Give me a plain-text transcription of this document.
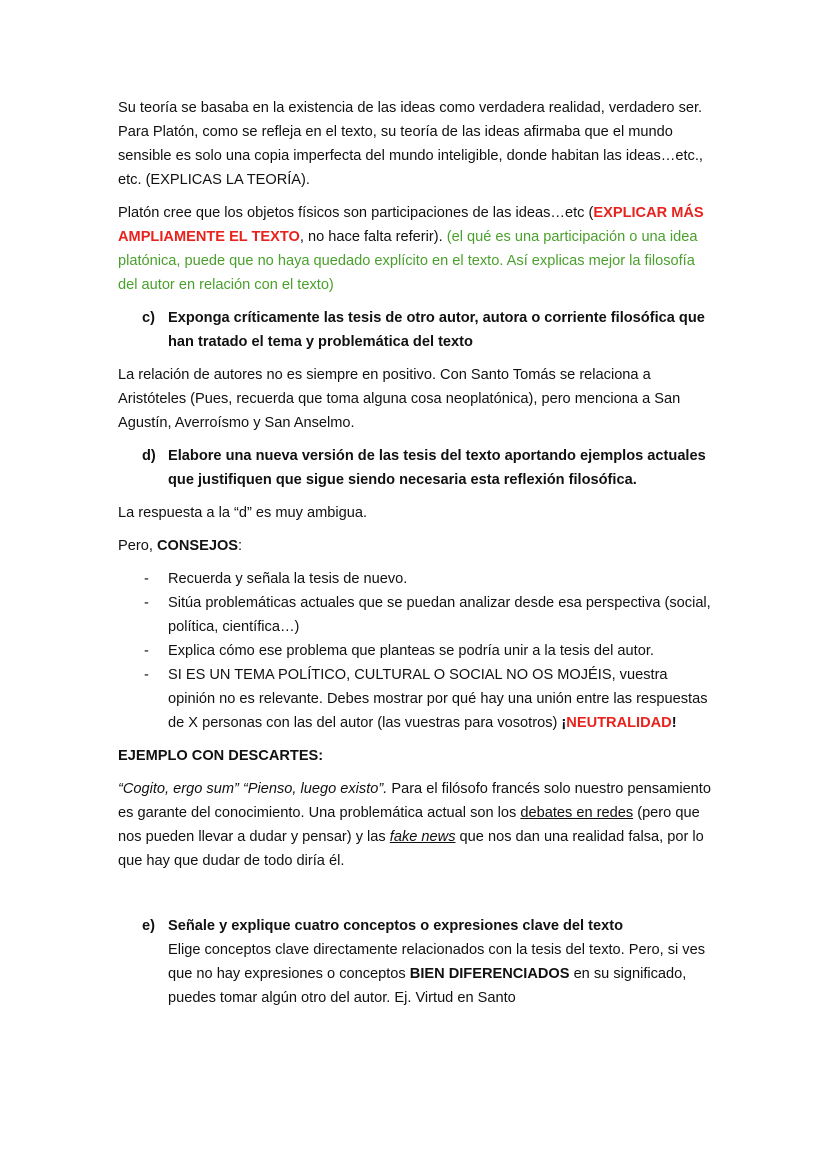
Su teoría se basaba en la existencia de las ideas como verdadera realidad, verdadero ser. Para Platón, como se refleja en el texto, su teoría de las ideas afirmaba que el mundo sensible es solo una copia imperfecta del mundo inteligible, donde habitan las ideas…etc., etc. (EXPLICAS LA TEORÍA).

Platón cree que los objetos físicos son participaciones de las ideas…etc (EXPLICAR MÁS AMPLIAMENTE EL TEXTO, no hace falta referir). (el qué es una participación o una idea platónica, puede que no haya quedado explícito en el texto. Así explicas mejor la filosofía del autor en relación con el texto)

c) Exponga críticamente las tesis de otro autor, autora o corriente filosófica que han tratado el tema y problemática del texto

La relación de autores no es siempre en positivo. Con Santo Tomás se relaciona a Aristóteles (Pues, recuerda que toma alguna cosa neoplatónica), pero menciona a San Agustín, Averroísmo y San Anselmo.

d) Elabore una nueva versión de las tesis del texto aportando ejemplos actuales que justifiquen que sigue siendo necesaria esta reflexión filosófica.

La respuesta a la “d” es muy ambigua.

Pero, CONSEJOS:

-	Recuerda y señala la tesis de nuevo.
-	Sitúa problemáticas actuales que se puedan analizar desde esa perspectiva (social, política, científica…)
-	Explica cómo ese problema que planteas se podría unir a la tesis del autor.
-	SI ES UN TEMA POLÍTICO, CULTURAL O SOCIAL NO OS MOJÉIS, vuestra opinión no es relevante. Debes mostrar por qué hay una unión entre las respuestas de X personas con las del autor (las vuestras para vosotros) ¡NEUTRALIDAD!

EJEMPLO CON DESCARTES:

“Cogito, ergo sum” “Pienso, luego existo”. Para el filósofo francés solo nuestro pensamiento es garante del conocimiento. Una problemática actual son los debates en redes (pero que nos pueden llevar a dudar y pensar) y las fake news que nos dan una realidad falsa, por lo que hay que dudar de todo diría él.

e) Señale y explique cuatro conceptos o expresiones clave del texto
Elige conceptos clave directamente relacionados con la tesis del texto. Pero, si ves que no hay expresiones o conceptos BIEN DIFERENCIADOS en su significado, puedes tomar algún otro del autor. Ej. Virtud en Santo
